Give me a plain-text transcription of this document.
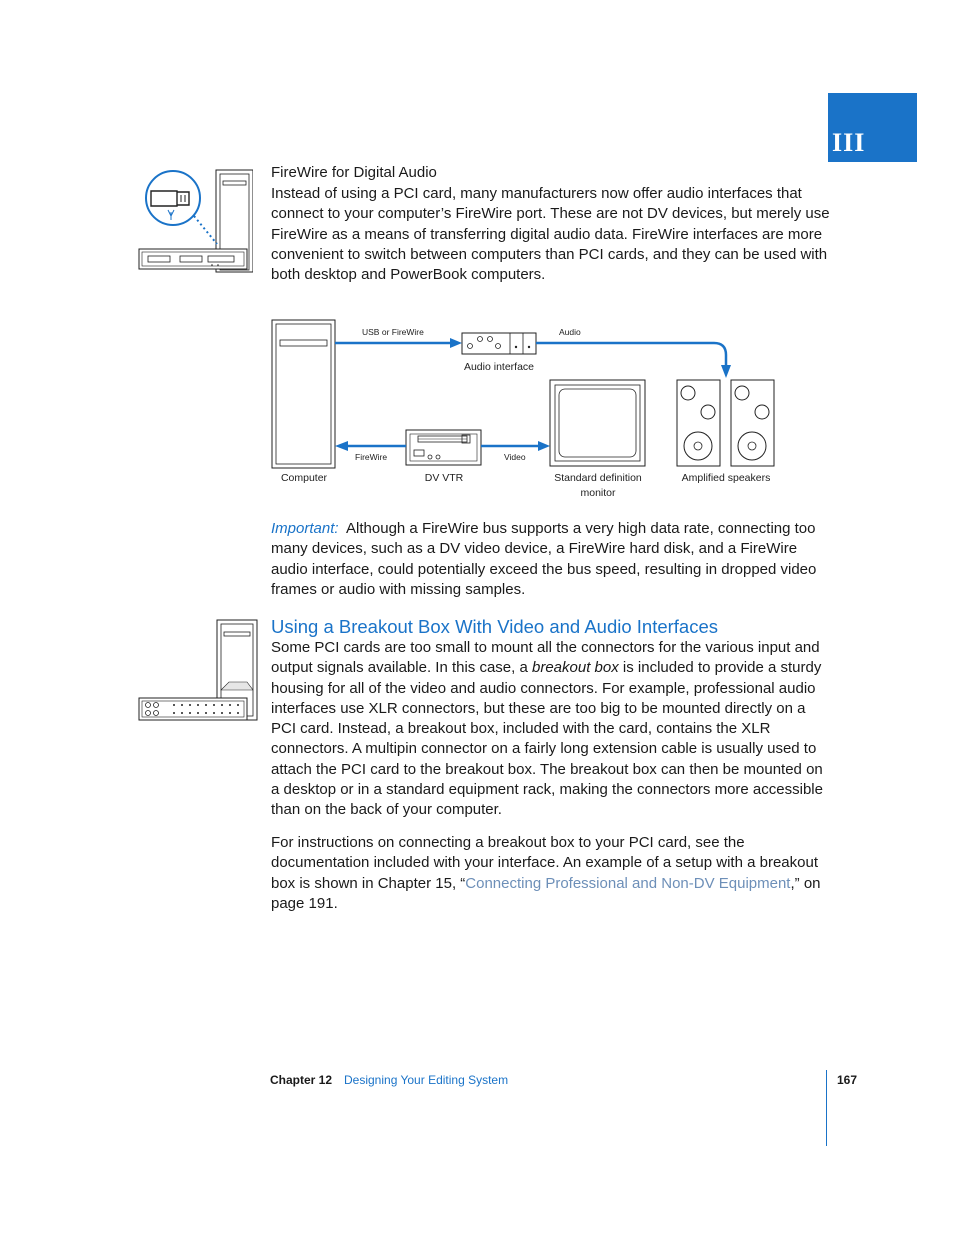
III
FireWire for Digital Audio
Instead of using a PCI card, many manufacturers now offer audio interfaces that connect to your computer’s FireWire port. These are not DV devices, but merely use FireWire as a means of transferring digital audio data. FireWire interfaces are more convenient to switch between computers than PCI cards, and they can be used with both desktop and PowerBook computers.
USB or FireWire	Audio
Audio interface
FireWire	Video
Computer	DV VTR	Standard definition
monitor
Amplified speakers
Important: Although a FireWire bus supports a very high data rate, connecting too many devices, such as a DV video device, a FireWire hard disk, and a FireWire audio interface, could potentially exceed the bus speed, resulting in dropped video frames or audio with missing samples.
Using a Breakout Box With Video and Audio Interfaces
Some PCI cards are too small to mount all the connectors for the various input and output signals available. In this case, a breakout box is included to provide a sturdy housing for all of the video and audio connectors. For example, professional audio interfaces use XLR connectors, but these are too big to be mounted directly on a PCI card. Instead, a breakout box, included with the card, contains the XLR connectors. A multipin connector on a fairly long extension cable is usually used to attach the PCI card to the breakout box. The breakout box can then be mounted on a desktop or in a standard equipment rack, making the connectors more accessible than on the back of your computer.
For instructions on connecting a breakout box to your PCI card, see the documentation included with your interface. An example of a setup with a breakout box is shown in Chapter 15, “Connecting Professional and Non-DV Equipment,” on page 191.
Chapter 12 Designing Your Editing System	167
